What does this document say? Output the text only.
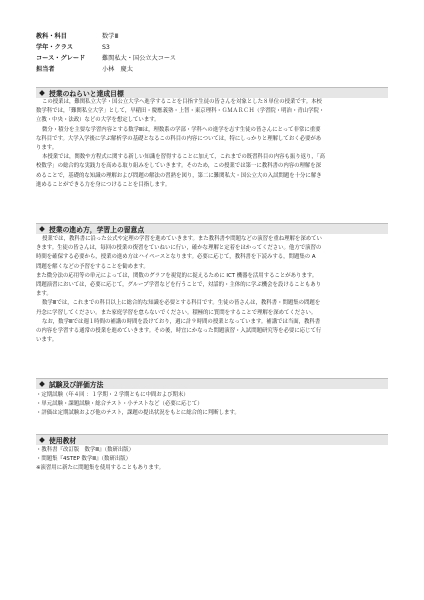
教科・科目	数学Ⅲ
学年・クラス	S3
コース・グレード	難関私大・国公立大コース
担当者	小林　慶太
授業のねらいと達成目標
この授業は，難関私立大学・国公立大学へ進学することを目指す生徒の皆さんを対象とした８単位の授業です。本校
数学科では，「難関私立大学」として，早稲田・慶應義塾・上智・東京理科・ＧＭＡＲＣＨ（学習院・明治・青山学院・
立教・中央・法政）などの大学を想定しています。
微分・積分を主要な学習内容とする数学Ⅲは，理数系の学部・学科への進学を志す生徒の皆さんにとって非常に重要
な科目です。大学入学後に学ぶ解析学の基礎となるこの科目の内容については，特にしっかりと理解しておく必要があ
ります。
本授業では，関数や方程式に関する新しい知識を習得することに加えて，これまでの既習科目の内容も振り返り，「高
校数学」の総合的な実践力を高める取り組みをしていきます。そのため，この授業では第一に教科書の内容の理解を深
めることで，基礎的な知識の理解および問題の解法の習熟を図り，第二に難関私大・国公立大の入試問題を十分に解き
進めることができる力を身につけることを目指します。
授業の進め方，学習上の留意点
授業では，教科書に沿った公式や定理の学習を進めていきます。また教科書や問題などの演習を重ね理解を深めてい
きます。生徒の皆さんは，毎回の授業の復習をていねいに行い，確かな理解と定着をはかってください。他方で演習の
時間を確保する必要から，授業の進め方はハイペースとなります。必要に応じて，教科書を下読みする，問題集の A
問題を解くなどの予習をすることを勧めます。
また微分法の応用等の単元によっては，関数のグラフを視覚的に捉えるために ICT 機器を活用することがあります。
問題演習においては，必要に応じて，グループ学習などを行うことで，対話的・主体的に学ぶ機会を設けることもあり
ます。
数学Ⅲでは，これまでの科目以上に総合的な知識を必要とする科目です。生徒の皆さんは，教科書・問題集の問題を
丹念に学習してください。また家庭学習を怠らないでください。積極的に質問をすることで理解を深めてください。
なお，数学Ⅲでは週１時間の補講の時間を設けており，週に計９時間の授業となっています。補講では当面，教科書
の内容を学習する通常の授業を進めていきます。その後，時宜にかなった問題演習・入試問題研究等を必要に応じて行
います。
試験及び評価方法
・定期試験（年４回 ：１学期・２学期ともに中間および期末）
・単元試験・課題試験・総合テスト・小テストなど（必要に応じて）
・評価は定期試験および他のテスト，課題の提出状況をもとに総合的に判断します。
使用教材
・教科書『改訂版　数学Ⅲ』（数研出版）
・問題集『4STEP 数学Ⅲ』（数研出版）
※演習用に新たに問題集を使用することもあります。
